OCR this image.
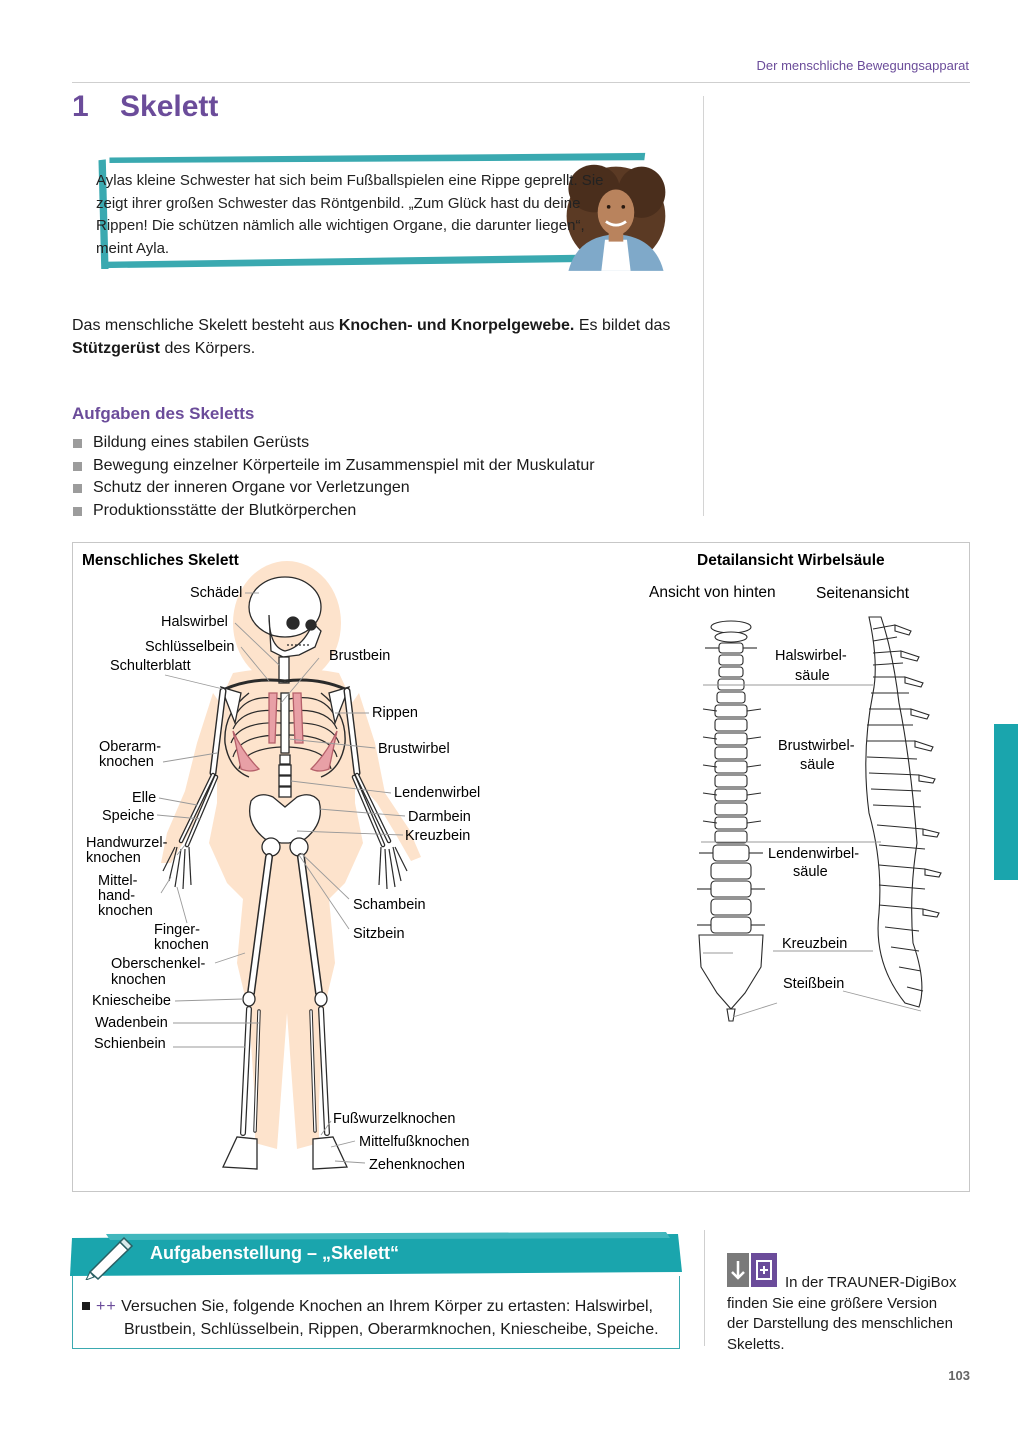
Der menschliche Bewegungsapparat
1 Skelett
Aylas kleine Schwester hat sich beim Fußballspielen eine Rippe geprellt. Sie zeigt ihrer großen Schwester das Röntgenbild. „Zum Glück hast du deine Rippen! Die schützen nämlich alle wichtigen Organe, die darunter liegen“, meint Ayla.
Das menschliche Skelett besteht aus Knochen- und Knorpelgewebe. Es bildet das Stützgerüst des Körpers.
Aufgaben des Skeletts
Bildung eines stabilen Gerüsts
Bewegung einzelner Körperteile im Zusammenspiel mit der Muskulatur
Schutz der inneren Organe vor Verletzungen
Produktionsstätte der Blutkörperchen
Menschliches Skelett	Detailansicht Wirbelsäule
Ansicht von hinten	Seitenansicht
Schädel
Halswirbel
Schlüsselbein
Schulterblatt
Brustbein
Rippen
Oberarm-
knochen
Brustwirbel
Lendenwirbel
Elle
Speiche	Darmbein
Kreuzbein
Handwurzel-
knochen
Mittel-
hand-
knochen	Schambein
Sitzbein
Finger-
knochen
Oberschenkel-
knochen
Kniescheibe
Wadenbein
Schienbein
Fußwurzelknochen
Mittelfußknochen
Zehenknochen
Halswirbel-
säule
Brustwirbel-
säule
Lendenwirbel-
säule
Kreuzbein
Steißbein
Aufgabenstellung – „Skelett“
++ Versuchen Sie, folgende Knochen an Ihrem Körper zu ertasten: Halswirbel,
Brustbein, Schlüsselbein, Rippen, Oberarmknochen, Kniescheibe, Speiche.
In der TRAUNER-DigiBox
finden Sie eine größere Version
der Darstellung des menschlichen
Skeletts.
103
